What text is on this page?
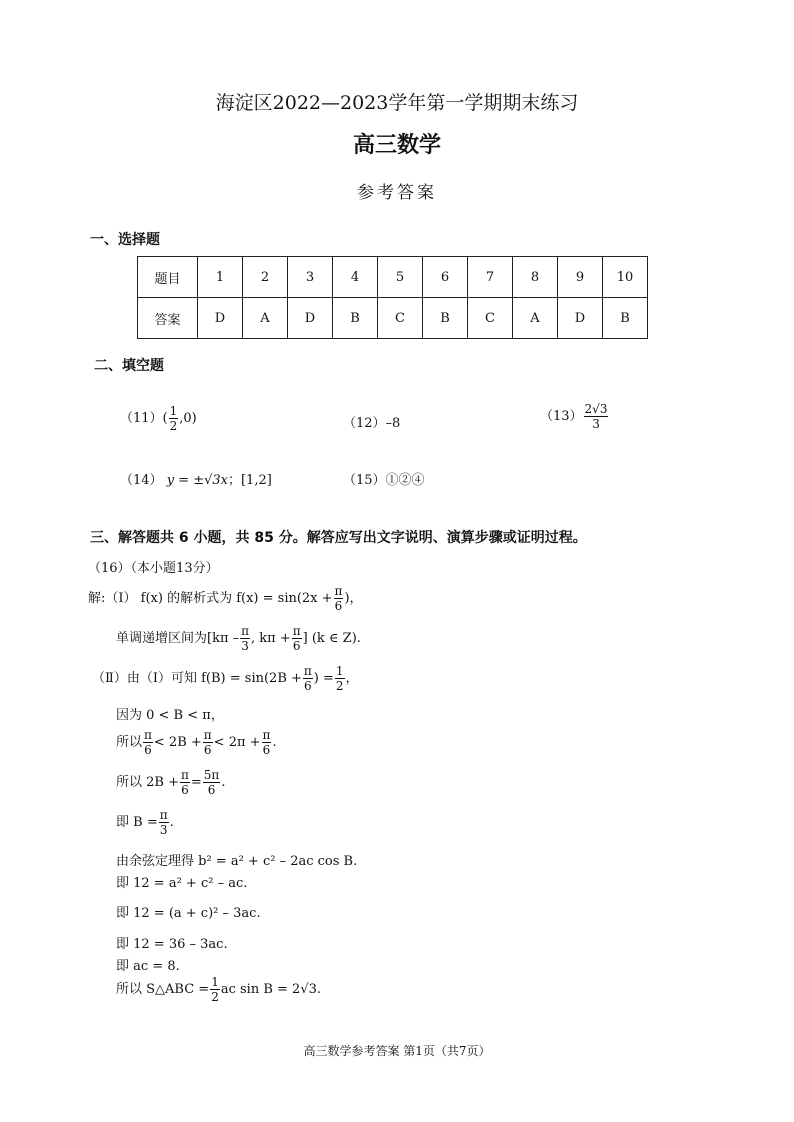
海淀区2022—2023学年第一学期期末练习
高三数学
参考答案
一、选择题
题目	1	2	3	4	5	6	7	8	9	10
答案	D	A	D	B	C	B	C	A	D	B
二、填空题
$(11)( \frac{1}{2} ,0)$	（12）–8	$(13) \frac{2√3}{3}$
（14） y = ±√3x；[1,2]	（15）①②④
三、解答题共 6 小题，共 85 分。解答应写出文字说明、演算步骤或证明过程。
（16）（本小题13分）
解:（Ⅰ） f(x) 的解析式为 $f(x) = \sin(2x + \frac{\pi}{6}$ )，
单调递增区间为[$k\pi - \frac{\pi}{3}$ , $k\pi + \frac{\pi}{6}$ ] (k ∈ Z).
（Ⅱ）由（Ⅰ）可知 $f(B) = \sin(2B + \frac{\pi}{6}$ ) = $\frac{1}{2}$ ，
因为 0 < B < π，
所以 $\frac{\pi}{6} < 2B + \frac{\pi}{6} < 2\pi + \frac{\pi}{6}$ .
所以 $2B + \frac{\pi}{6} = \frac{5\pi}{6}$ .
即 $B = \frac{\pi}{3}$ .
由余弦定理得 b² = a² + c² – 2ac cos B.
即 12 = a² + c² – ac.
即 12 = (a + c)² – 3ac.
即 12 = 36 – 3ac.
即 ac = 8.
所以 S△ABC = $\frac{1}{2}$ ac sin B = 2√3.
高三数学参考答案 第1页（共7页）
